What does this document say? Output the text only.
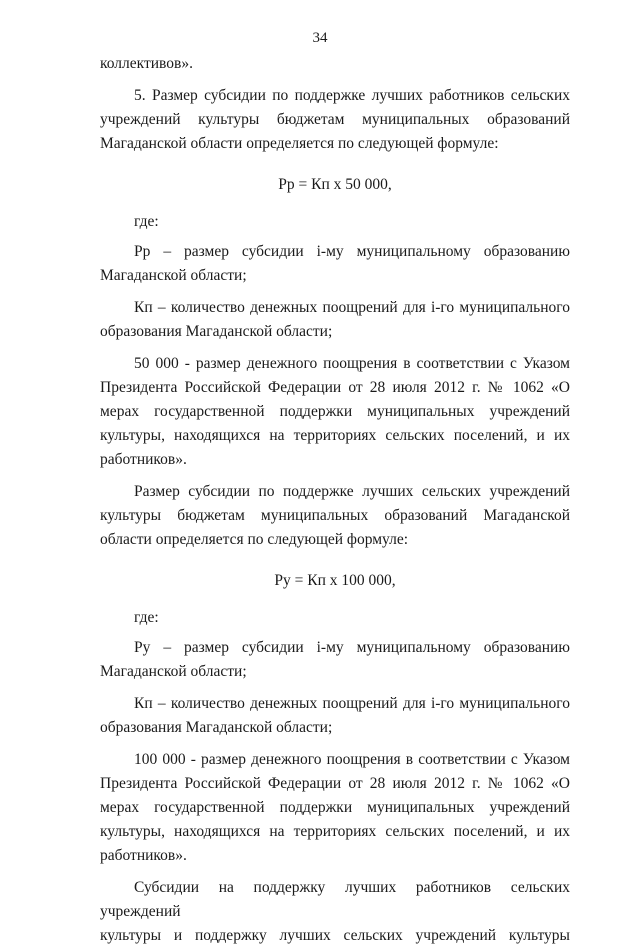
34

коллективов».

5. Размер субсидии по поддержке лучших работников сельских учреждений культуры бюджетам муниципальных образований Магаданской области определяется по следующей формуле:

Рр = Кп х 50 000,

где:

Рр – размер субсидии i-му муниципальному образованию

Магаданской области;

Кп – количество денежных поощрений для i-го муниципального образования Магаданской области;

50 000 - размер денежного поощрения в соответствии с Указом Президента Российской Федерации от 28 июля 2012 г. № 1062 «О мерах государственной поддержки муниципальных учреждений культуры, находящихся на территориях сельских поселений, и их работников».

Размер субсидии по поддержке лучших сельских учреждений культуры бюджетам муниципальных образований Магаданской области определяется по следующей формуле:

Ру = Кп х 100 000,

где:

Ру – размер субсидии i-му муниципальному образованию

Магаданской области;

Кп – количество денежных поощрений для i-го муниципального образования Магаданской области;

100 000 - размер денежного поощрения в соответствии с Указом Президента Российской Федерации от 28 июля 2012 г. № 1062 «О мерах государственной поддержки муниципальных учреждений культуры, находящихся на территориях сельских поселений, и их работников».

Субсидии на поддержку лучших работников сельских учреждений

культуры и поддержку лучших сельских учреждений культуры
